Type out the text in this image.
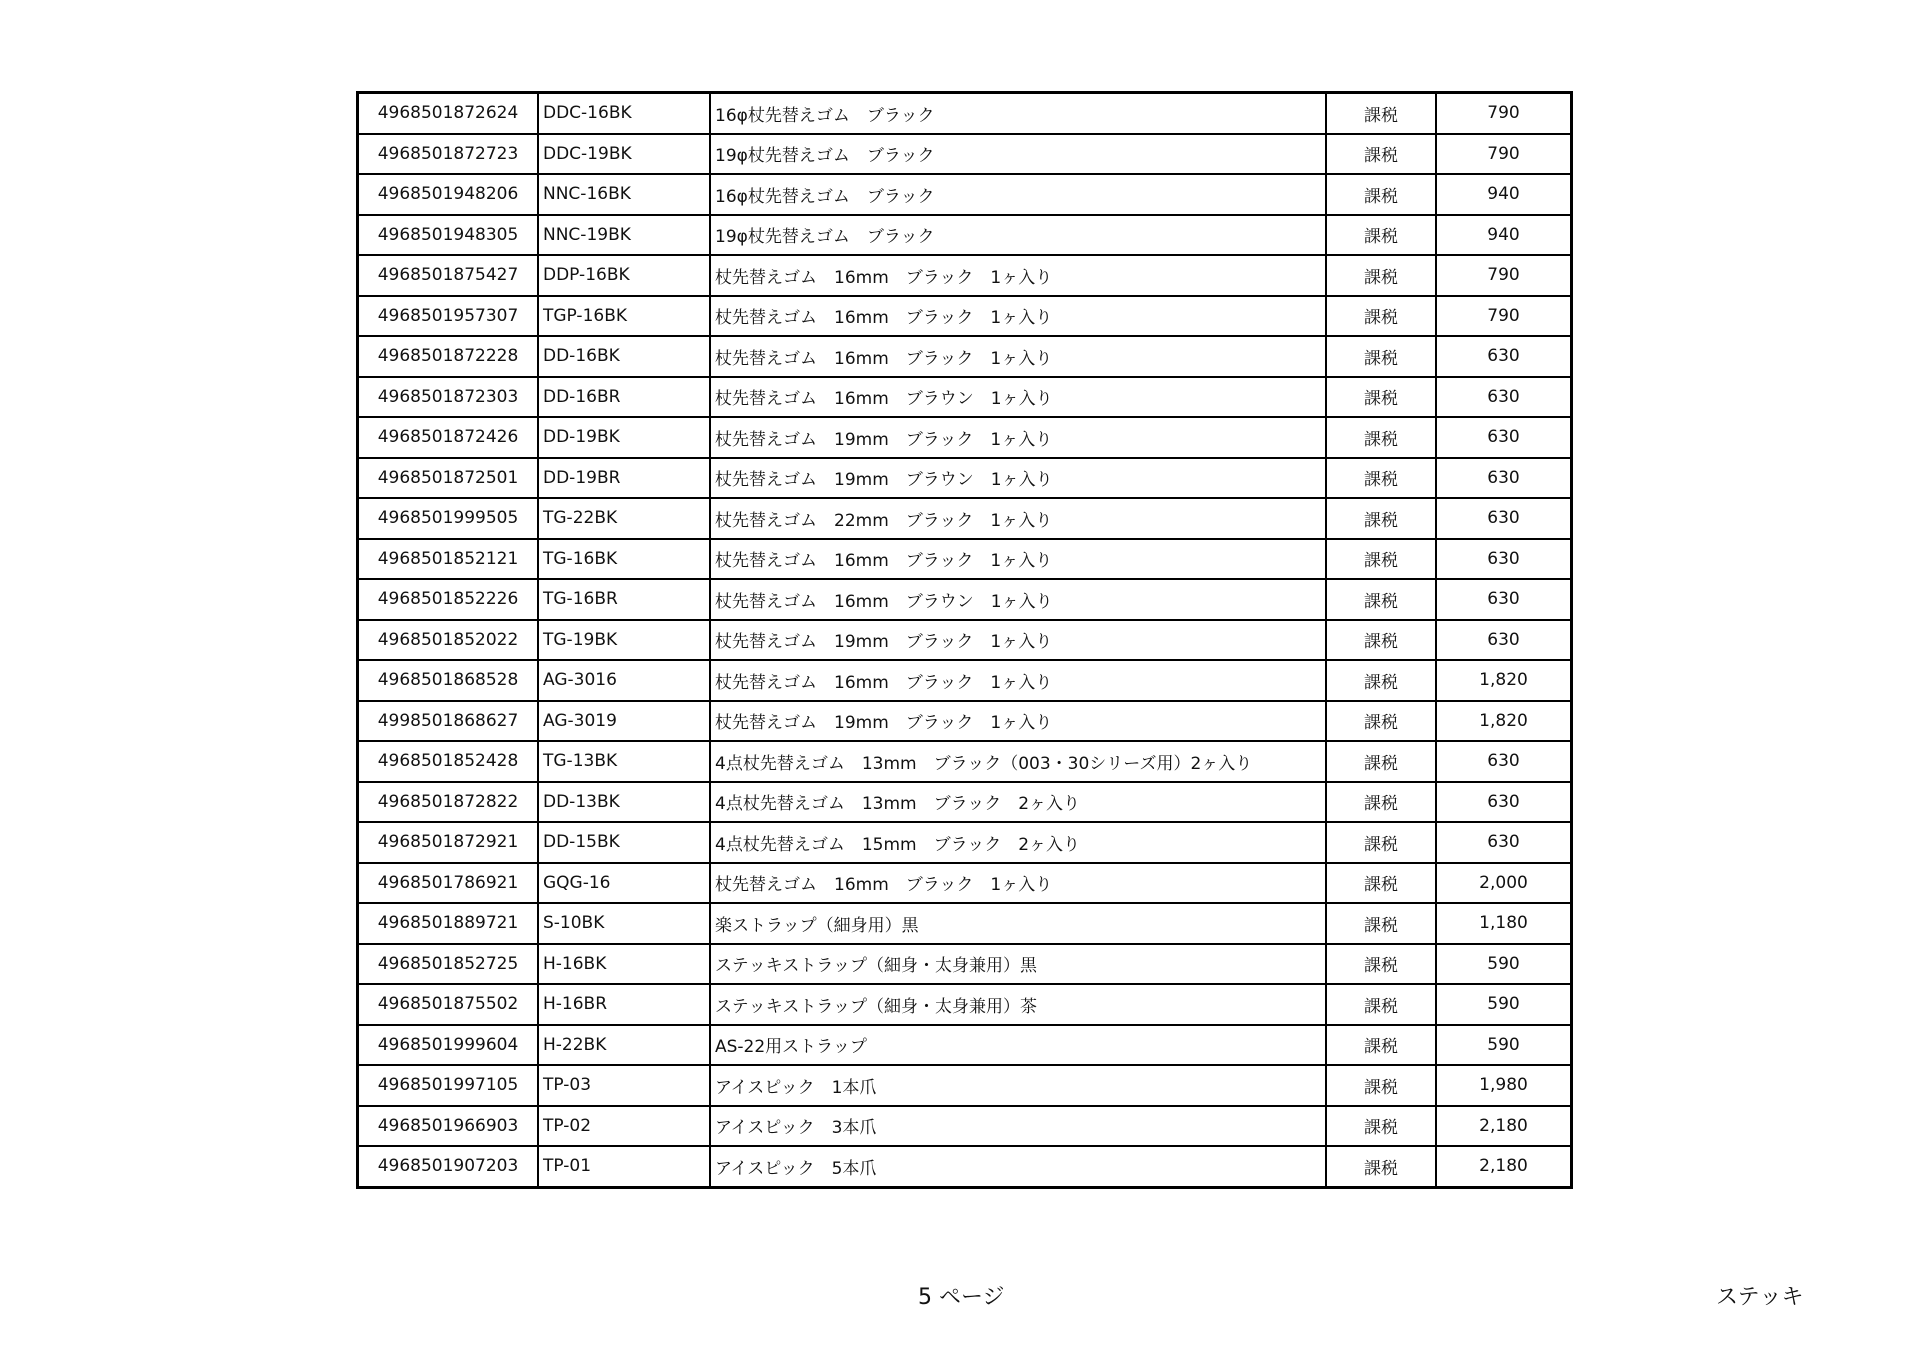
4968501872624	DDC-16BK	16φ杖先替えゴム　ブラック	課税	790
4968501872723	DDC-19BK	19φ杖先替えゴム　ブラック	課税	790
4968501948206	NNC-16BK	16φ杖先替えゴム　ブラック	課税	940
4968501948305	NNC-19BK	19φ杖先替えゴム　ブラック	課税	940
4968501875427	DDP-16BK	杖先替えゴム　16mm　ブラック　1ヶ入り	課税	790
4968501957307	TGP-16BK	杖先替えゴム　16mm　ブラック　1ヶ入り	課税	790
4968501872228	DD-16BK	杖先替えゴム　16mm　ブラック　1ヶ入り	課税	630
4968501872303	DD-16BR	杖先替えゴム　16mm　ブラウン　1ヶ入り	課税	630
4968501872426	DD-19BK	杖先替えゴム　19mm　ブラック　1ヶ入り	課税	630
4968501872501	DD-19BR	杖先替えゴム　19mm　ブラウン　1ヶ入り	課税	630
4968501999505	TG-22BK	杖先替えゴム　22mm　ブラック　1ヶ入り	課税	630
4968501852121	TG-16BK	杖先替えゴム　16mm　ブラック　1ヶ入り	課税	630
4968501852226	TG-16BR	杖先替えゴム　16mm　ブラウン　1ヶ入り	課税	630
4968501852022	TG-19BK	杖先替えゴム　19mm　ブラック　1ヶ入り	課税	630
4968501868528	AG-3016	杖先替えゴム　16mm　ブラック　1ヶ入り	課税	1,820
4998501868627	AG-3019	杖先替えゴム　19mm　ブラック　1ヶ入り	課税	1,820
4968501852428	TG-13BK	4点杖先替えゴム　13mm　ブラック（003・30シリーズ用）2ヶ入り	課税	630
4968501872822	DD-13BK	4点杖先替えゴム　13mm　ブラック　2ヶ入り	課税	630
4968501872921	DD-15BK	4点杖先替えゴム　15mm　ブラック　2ヶ入り	課税	630
4968501786921	GQG-16	杖先替えゴム　16mm　ブラック　1ヶ入り	課税	2,000
4968501889721	S-10BK	楽ストラップ（細身用）黒	課税	1,180
4968501852725	H-16BK	ステッキストラップ（細身・太身兼用）黒	課税	590
4968501875502	H-16BR	ステッキストラップ（細身・太身兼用）茶	課税	590
4968501999604	H-22BK	AS-22用ストラップ	課税	590
4968501997105	TP-03	アイスピック　1本爪	課税	1,980
4968501966903	TP-02	アイスピック　3本爪	課税	2,180
4968501907203	TP-01	アイスピック　5本爪	課税	2,180
5 ページ	ステッキ
